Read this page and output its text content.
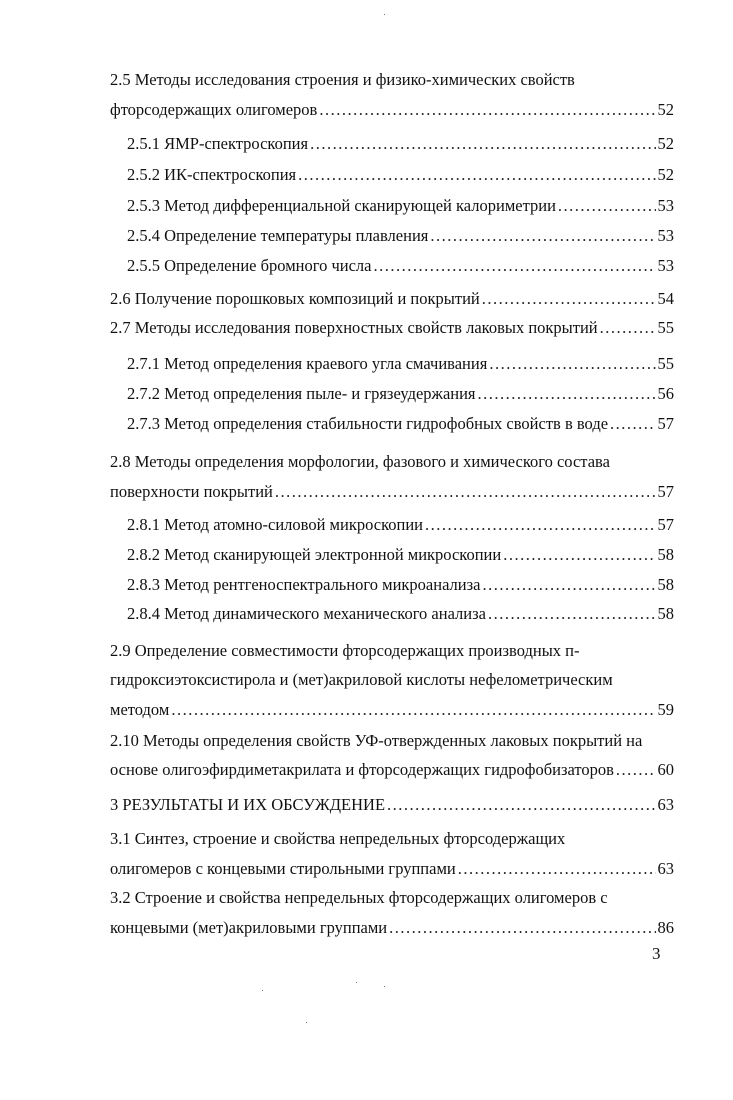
2.5 Методы исследования строения и физико-химических свойств
фторсодержащих олигомеров .....	52
2.5.1 ЯМР-спектроскопия .....	52
2.5.2 ИК-спектроскопия .....	52
2.5.3 Метод дифференциальной сканирующей калориметрии .....	53
2.5.4 Определение температуры плавления .....	53
2.5.5 Определение бромного числа .....	53
2.6 Получение порошковых композиций и покрытий .....	54
2.7 Методы исследования поверхностных свойств лаковых покрытий .....	55
2.7.1 Метод определения краевого угла смачивания .....	55
2.7.2 Метод определения пыле- и грязеудержания .....	56
2.7.3 Метод определения стабильности гидрофобных свойств в воде .....	57
2.8 Методы определения морфологии, фазового и химического состава
поверхности покрытий .....	57
2.8.1 Метод атомно-силовой микроскопии .....	57
2.8.2 Метод сканирующей электронной микроскопии .....	58
2.8.3 Метод рентгеноспектрального микроанализа .....	58
2.8.4 Метод динамического механического анализа .....	58
2.9 Определение совместимости фторсодержащих производных п-
гидроксиэтоксистирола и (мет)акриловой кислоты нефелометрическим
методом .....	59
2.10 Методы определения свойств УФ-отвержденных лаковых покрытий на
основе олигоэфирдиметакрилата и фторсодержащих гидрофобизаторов .....	60
3 РЕЗУЛЬТАТЫ И ИХ ОБСУЖДЕНИЕ .....	63
3.1 Синтез, строение и свойства непредельных фторсодержащих
олигомеров с концевыми стирольными группами .....	63
3.2 Строение и свойства непредельных фторсодержащих олигомеров с
концевыми (мет)акриловыми группами .....	86
3
